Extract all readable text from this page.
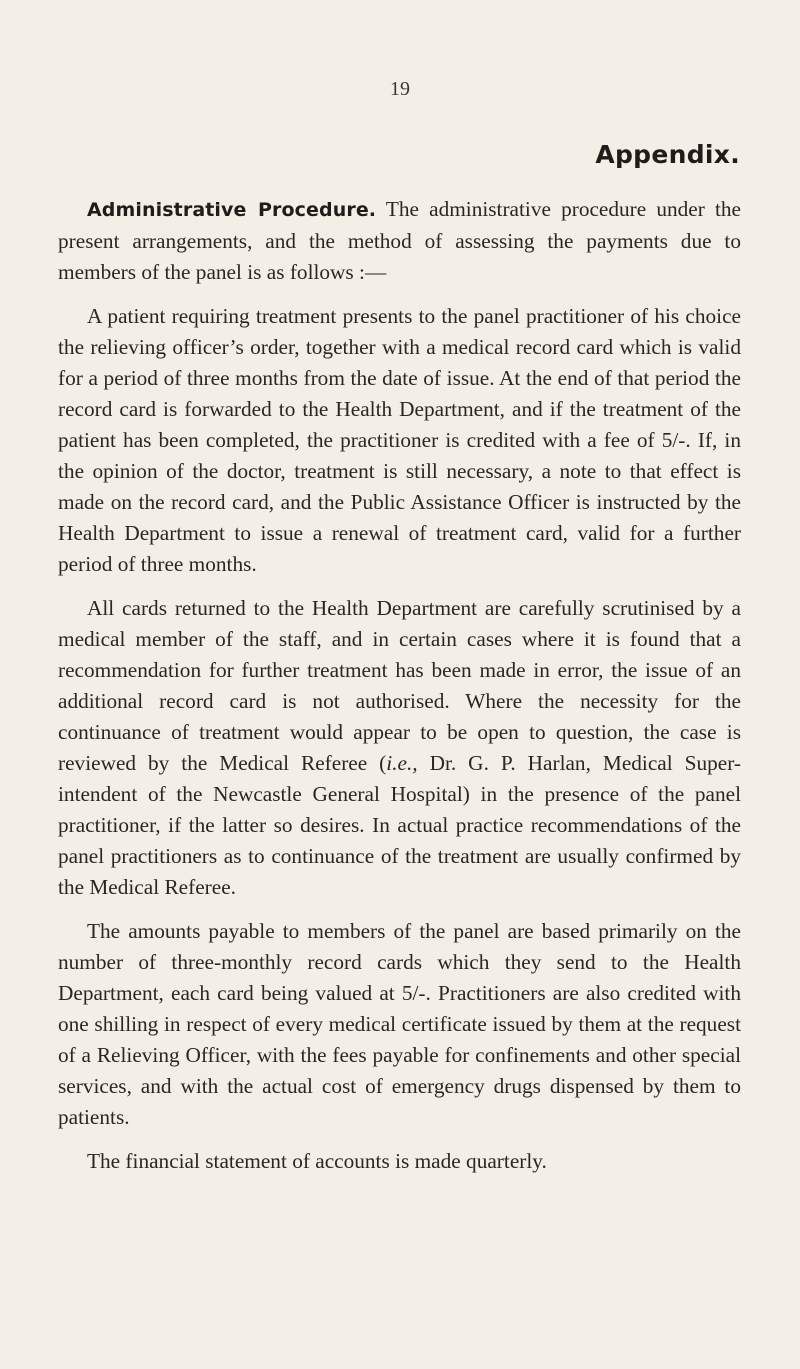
19
Appendix.

Administrative Procedure. The administrative procedure under the present arrangements, and the method of assessing the payments due to members of the panel is as follows :—

A patient requiring treatment presents to the panel practitioner of his choice the relieving officer’s order, together with a medical record card which is valid for a period of three months from the date of issue. At the end of that period the record card is forwarded to the Health Department, and if the treatment of the patient has been completed, the practitioner is credited with a fee of 5/-. If, in the opinion of the doctor, treatment is still necessary, a note to that effect is made on the record card, and the Public Assistance Officer is instructed by the Health Department to issue a renewal of treatment card, valid for a further period of three months.

All cards returned to the Health Department are carefully scrutinised by a medical member of the staff, and in certain cases where it is found that a recommendation for further treatment has been made in error, the issue of an additional record card is not authorised. Where the necessity for the continuance of treatment would appear to be open to question, the case is reviewed by the Medical Referee (i.e., Dr. G. P. Harlan, Medical Super-intendent of the Newcastle General Hospital) in the presence of the panel practitioner, if the latter so desires. In actual practice recommendations of the panel practitioners as to continuance of the treatment are usually confirmed by the Medical Referee.

The amounts payable to members of the panel are based primarily on the number of three-monthly record cards which they send to the Health Department, each card being valued at 5/-. Practitioners are also credited with one shilling in respect of every medical certificate issued by them at the request of a Relieving Officer, with the fees payable for confinements and other special services, and with the actual cost of emergency drugs dispensed by them to patients.

The financial statement of accounts is made quarterly.
